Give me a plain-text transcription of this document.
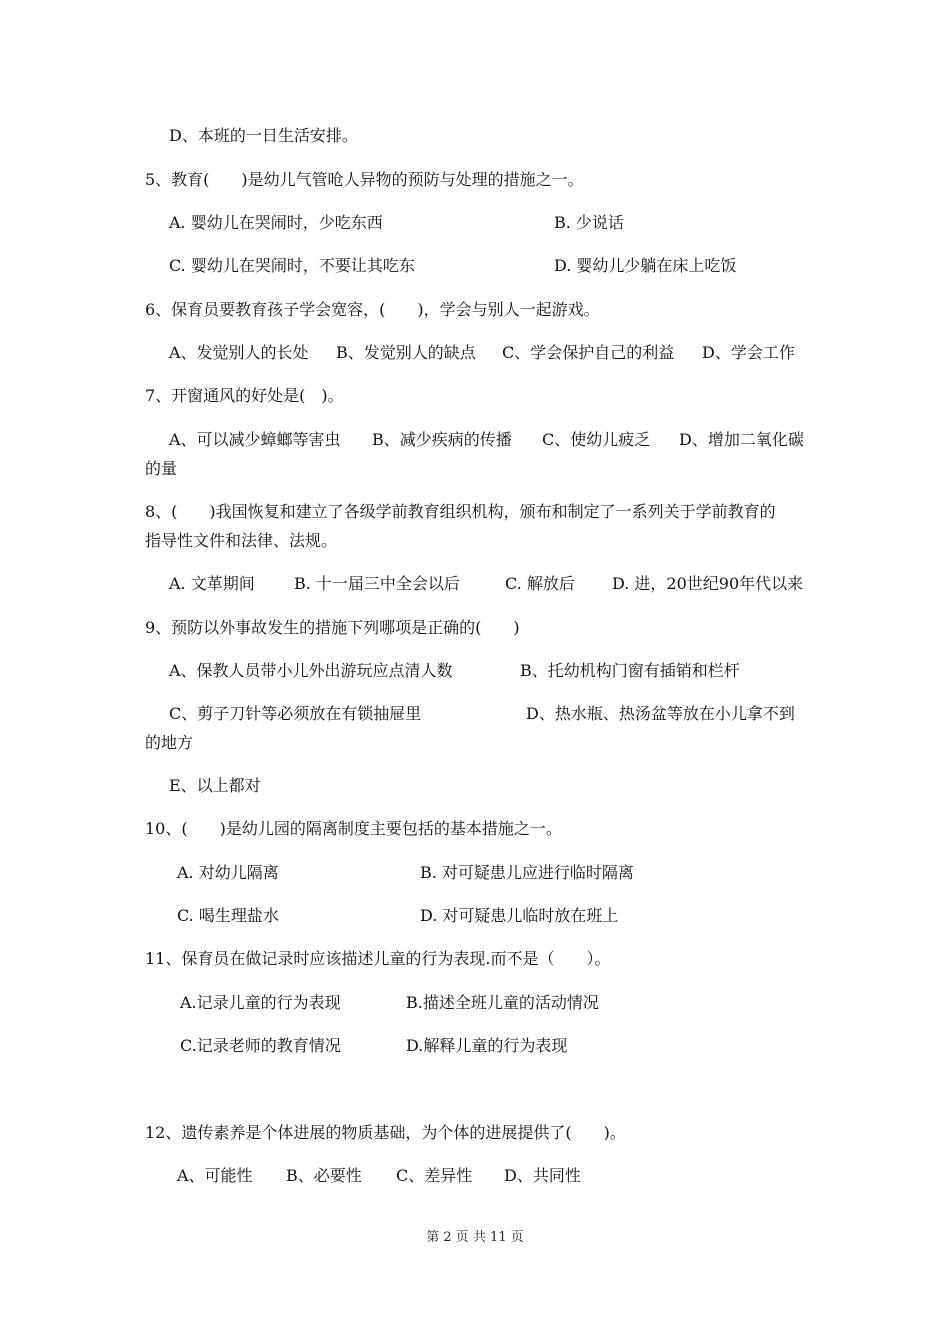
D、本班的一日生活安排。
5、教育(　　)是幼儿气管呛人异物的预防与处理的措施之一。
A. 婴幼儿在哭闹时，少吃东西	B. 少说话
C. 婴幼儿在哭闹时，不要让其吃东	D. 婴幼儿少躺在床上吃饭
6、保育员要教育孩子学会宽容，(　　)，学会与别人一起游戏。
A、发觉别人的长处 B、发觉别人的缺点 C、学会保护自己的利益 D、学会工作
7、开窗通风的好处是(　)。
A、可以减少蟑螂等害虫 B、减少疾病的传播 C、使幼儿疲乏 D、增加二氧化碳
的量
8、(　　)我国恢复和建立了各级学前教育组织机构，颁布和制定了一系列关于学前教育的
指导性文件和法律、法规。
A. 文革期间 B. 十一届三中全会以后	C. 解放后 D. 进，20世纪90年代以来
9、预防以外事故发生的措施下列哪项是正确的(　　)
A、保教人员带小儿外出游玩应点清人数	B、托幼机构门窗有插销和栏杆
C、剪子刀针等必须放在有锁抽屉里	D、热水瓶、热汤盆等放在小儿拿不到
的地方
E、以上都对
10、(　　)是幼儿园的隔离制度主要包括的基本措施之一。
A. 对幼儿隔离	B. 对可疑患儿应进行临时隔离
C. 喝生理盐水	D. 对可疑患儿临时放在班上
11、保育员在做记录时应该描述儿童的行为表现.而不是（　　）。
A.记录儿童的行为表现	B.描述全班儿童的活动情况
C.记录老师的教育情况	D.解释儿童的行为表现
12、遗传素养是个体进展的物质基础，为个体的进展提供了(　　)。
A、可能性 B、必要性 C、差异性 D、共同性
第 2 页 共 11 页
